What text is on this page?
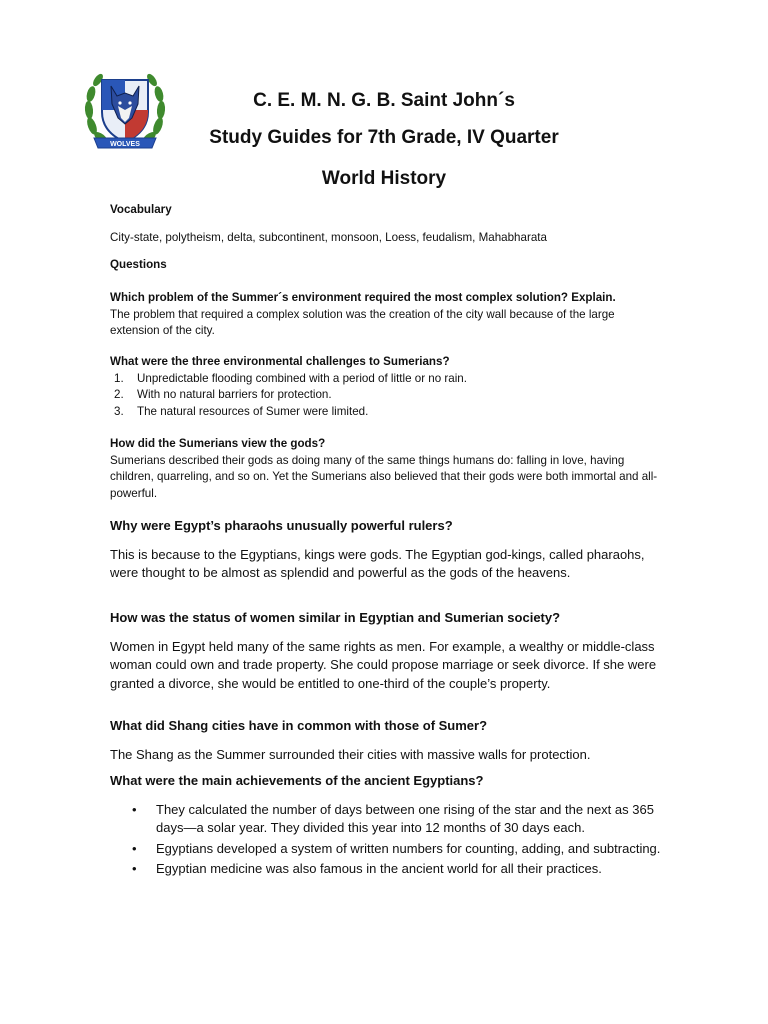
WOLVES
C. E. M. N. G. B. Saint John´s
Study Guides for 7th Grade, IV Quarter
World History
Vocabulary
City-state, polytheism, delta, subcontinent, monsoon, Loess, feudalism, Mahabharata
Questions

Which problem of the Summer´s environment required the most complex solution? Explain.

The problem that required a complex solution was the creation of the city wall because of the large extension of the city.

What were the three environmental challenges to Sumerians?

1. Unpredictable flooding combined with a period of little or no rain.
2. With no natural barriers for protection.
3. The natural resources of Sumer were limited.

How did the Sumerians view the gods?

Sumerians described their gods as doing many of the same things humans do: falling in love, having children, quarreling, and so on. Yet the Sumerians also believed that their gods were both immortal and all-powerful.

Why were Egypt’s pharaohs unusually powerful rulers?

This is because to the Egyptians, kings were gods. The Egyptian god-kings, called pharaohs, were thought to be almost as splendid and powerful as the gods of the heavens.

How was the status of women similar in Egyptian and Sumerian society?

Women in Egypt held many of the same rights as men. For example, a wealthy or middle-class woman could own and trade property. She could propose marriage or seek divorce. If she were granted a divorce, she would be entitled to one-third of the couple’s property.

What did Shang cities have in common with those of Sumer?

The Shang as the Summer surrounded their cities with massive walls for protection.

What were the main achievements of the ancient Egyptians?

• They calculated the number of days between one rising of the star and the next as 365 days—a solar year. They divided this year into 12 months of 30 days each.
• Egyptians developed a system of written numbers for counting, adding, and subtracting.
• Egyptian medicine was also famous in the ancient world for all their practices.
